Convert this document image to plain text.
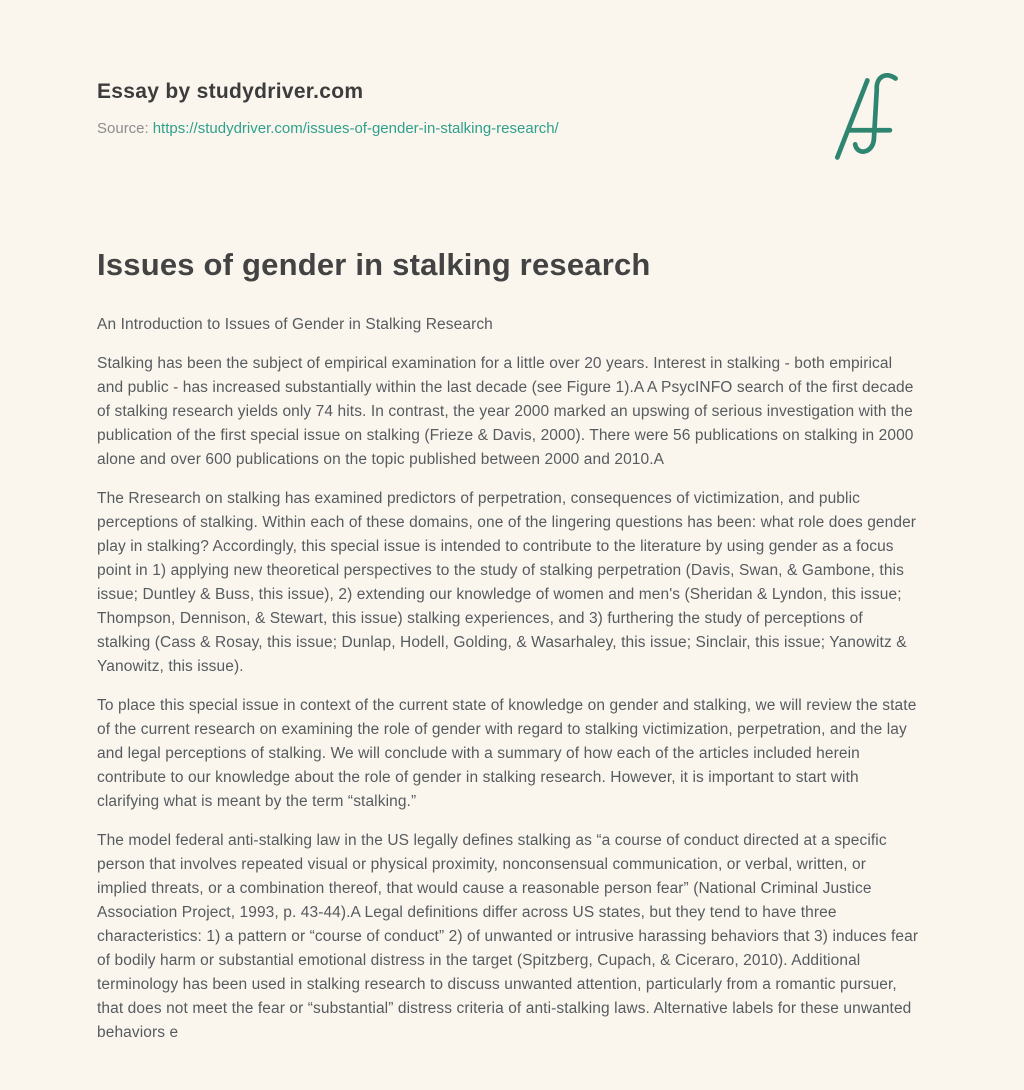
Essay by studydriver.com
Source: https://studydriver.com/issues-of-gender-in-stalking-research/
Issues of gender in stalking research

An Introduction to Issues of Gender in Stalking Research

Stalking has been the subject of empirical examination for a little over 20 years. Interest in stalking - both empirical and public - has increased substantially within the last decade (see Figure 1).A A PsycINFO search of the first decade of stalking research yields only 74 hits. In contrast, the year 2000 marked an upswing of serious investigation with the publication of the first special issue on stalking (Frieze & Davis, 2000). There were 56 publications on stalking in 2000 alone and over 600 publications on the topic published between 2000 and 2010.A

The Rresearch on stalking has examined predictors of perpetration, consequences of victimization, and public perceptions of stalking. Within each of these domains, one of the lingering questions has been: what role does gender play in stalking? Accordingly, this special issue is intended to contribute to the literature by using gender as a focus point in 1) applying new theoretical perspectives to the study of stalking perpetration (Davis, Swan, & Gambone, this issue; Duntley & Buss, this issue), 2) extending our knowledge of women and men's (Sheridan & Lyndon, this issue; Thompson, Dennison, & Stewart, this issue) stalking experiences, and 3) furthering the study of perceptions of stalking (Cass & Rosay, this issue; Dunlap, Hodell, Golding, & Wasarhaley, this issue; Sinclair, this issue; Yanowitz & Yanowitz, this issue).

To place this special issue in context of the current state of knowledge on gender and stalking, we will review the state of the current research on examining the role of gender with regard to stalking victimization, perpetration, and the lay and legal perceptions of stalking. We will conclude with a summary of how each of the articles included herein contribute to our knowledge about the role of gender in stalking research. However, it is important to start with clarifying what is meant by the term “stalking.”

The model federal anti-stalking law in the US legally defines stalking as “a course of conduct directed at a specific person that involves repeated visual or physical proximity, nonconsensual communication, or verbal, written, or implied threats, or a combination thereof, that would cause a reasonable person fear” (National Criminal Justice Association Project, 1993, p. 43-44).A Legal definitions differ across US states, but they tend to have three characteristics: 1) a pattern or “course of conduct” 2) of unwanted or intrusive harassing behaviors that 3) induces fear of bodily harm or substantial emotional distress in the target (Spitzberg, Cupach, & Ciceraro, 2010). Additional terminology has been used in stalking research to discuss unwanted attention, particularly from a romantic pursuer, that does not meet the fear or “substantial” distress criteria of anti-stalking laws. Alternative labels for these unwanted behaviors e
